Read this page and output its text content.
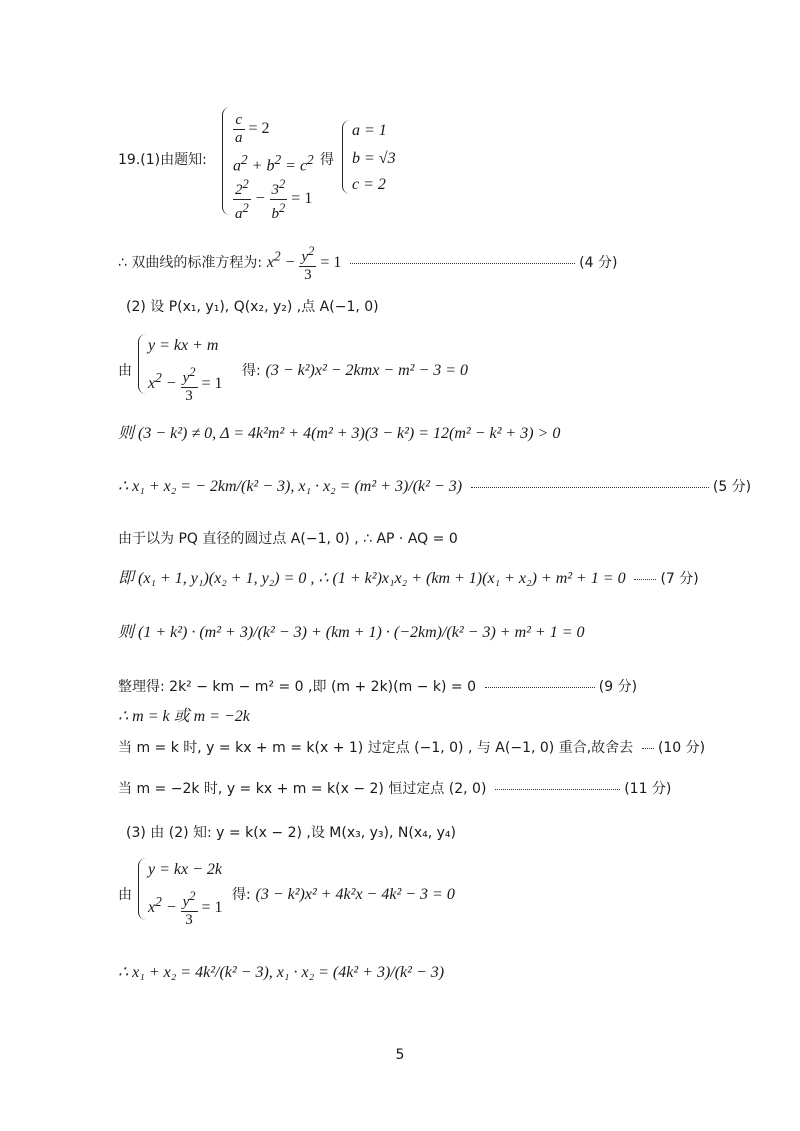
19.(1)由题知:
$\frac{c}{a} = 2$
$a^2 + b^2 = c^2$
$\frac{2^2}{a^2} - \frac{3^2}{b^2} = 1$
得
a = 1
b = √3
c = 2
∴ 双曲线的标准方程为: $x^2 - \frac{y^2}{3} = 1$	(4 分)
(2) 设 P(x₁, y₁), Q(x₂, y₂) ,点 A(−1, 0)
由
y = kx + m
$x^2 - \frac{y^2}{3} = 1$
得: (3 − k²)x² − 2kmx − m² − 3 = 0
则 (3 − k²) ≠ 0, Δ = 4k²m² + 4(m² + 3)(3 − k²) = 12(m² − k² + 3) > 0
∴ x₁ + x₂ = − 2km/(k² − 3), x₁ · x₂ = (m² + 3)/(k² − 3)	(5 分)
由于以为 PQ 直径的圆过点 A(−1, 0) , ∴ AP · AQ = 0
即 (x₁ + 1, y₁)(x₂ + 1, y₂) = 0 , ∴ (1 + k²)x₁x₂ + (km + 1)(x₁ + x₂) + m² + 1 = 0 (7 分)
则 (1 + k²) · (m² + 3)/(k² − 3) + (km + 1) · (−2km)/(k² − 3) + m² + 1 = 0
整理得: 2k² − km − m² = 0 ,即 (m + 2k)(m − k) = 0	(9 分)
∴ m = k 或 m = −2k
当 m = k 时, y = kx + m = k(x + 1) 过定点 (−1, 0) , 与 A(−1, 0) 重合,故舍去 (10 分)
当 m = −2k 时, y = kx + m = k(x − 2) 恒过定点 (2, 0)	(11 分)
(3) 由 (2) 知: y = k(x − 2) ,设 M(x₃, y₃), N(x₄, y₄)
由
y = kx − 2k
$x^2 - \frac{y^2}{3} = 1$
得: (3 − k²)x² + 4k²x − 4k² − 3 = 0
∴ x₁ + x₂ = 4k²/(k² − 3), x₁ · x₂ = (4k² + 3)/(k² − 3)
5
